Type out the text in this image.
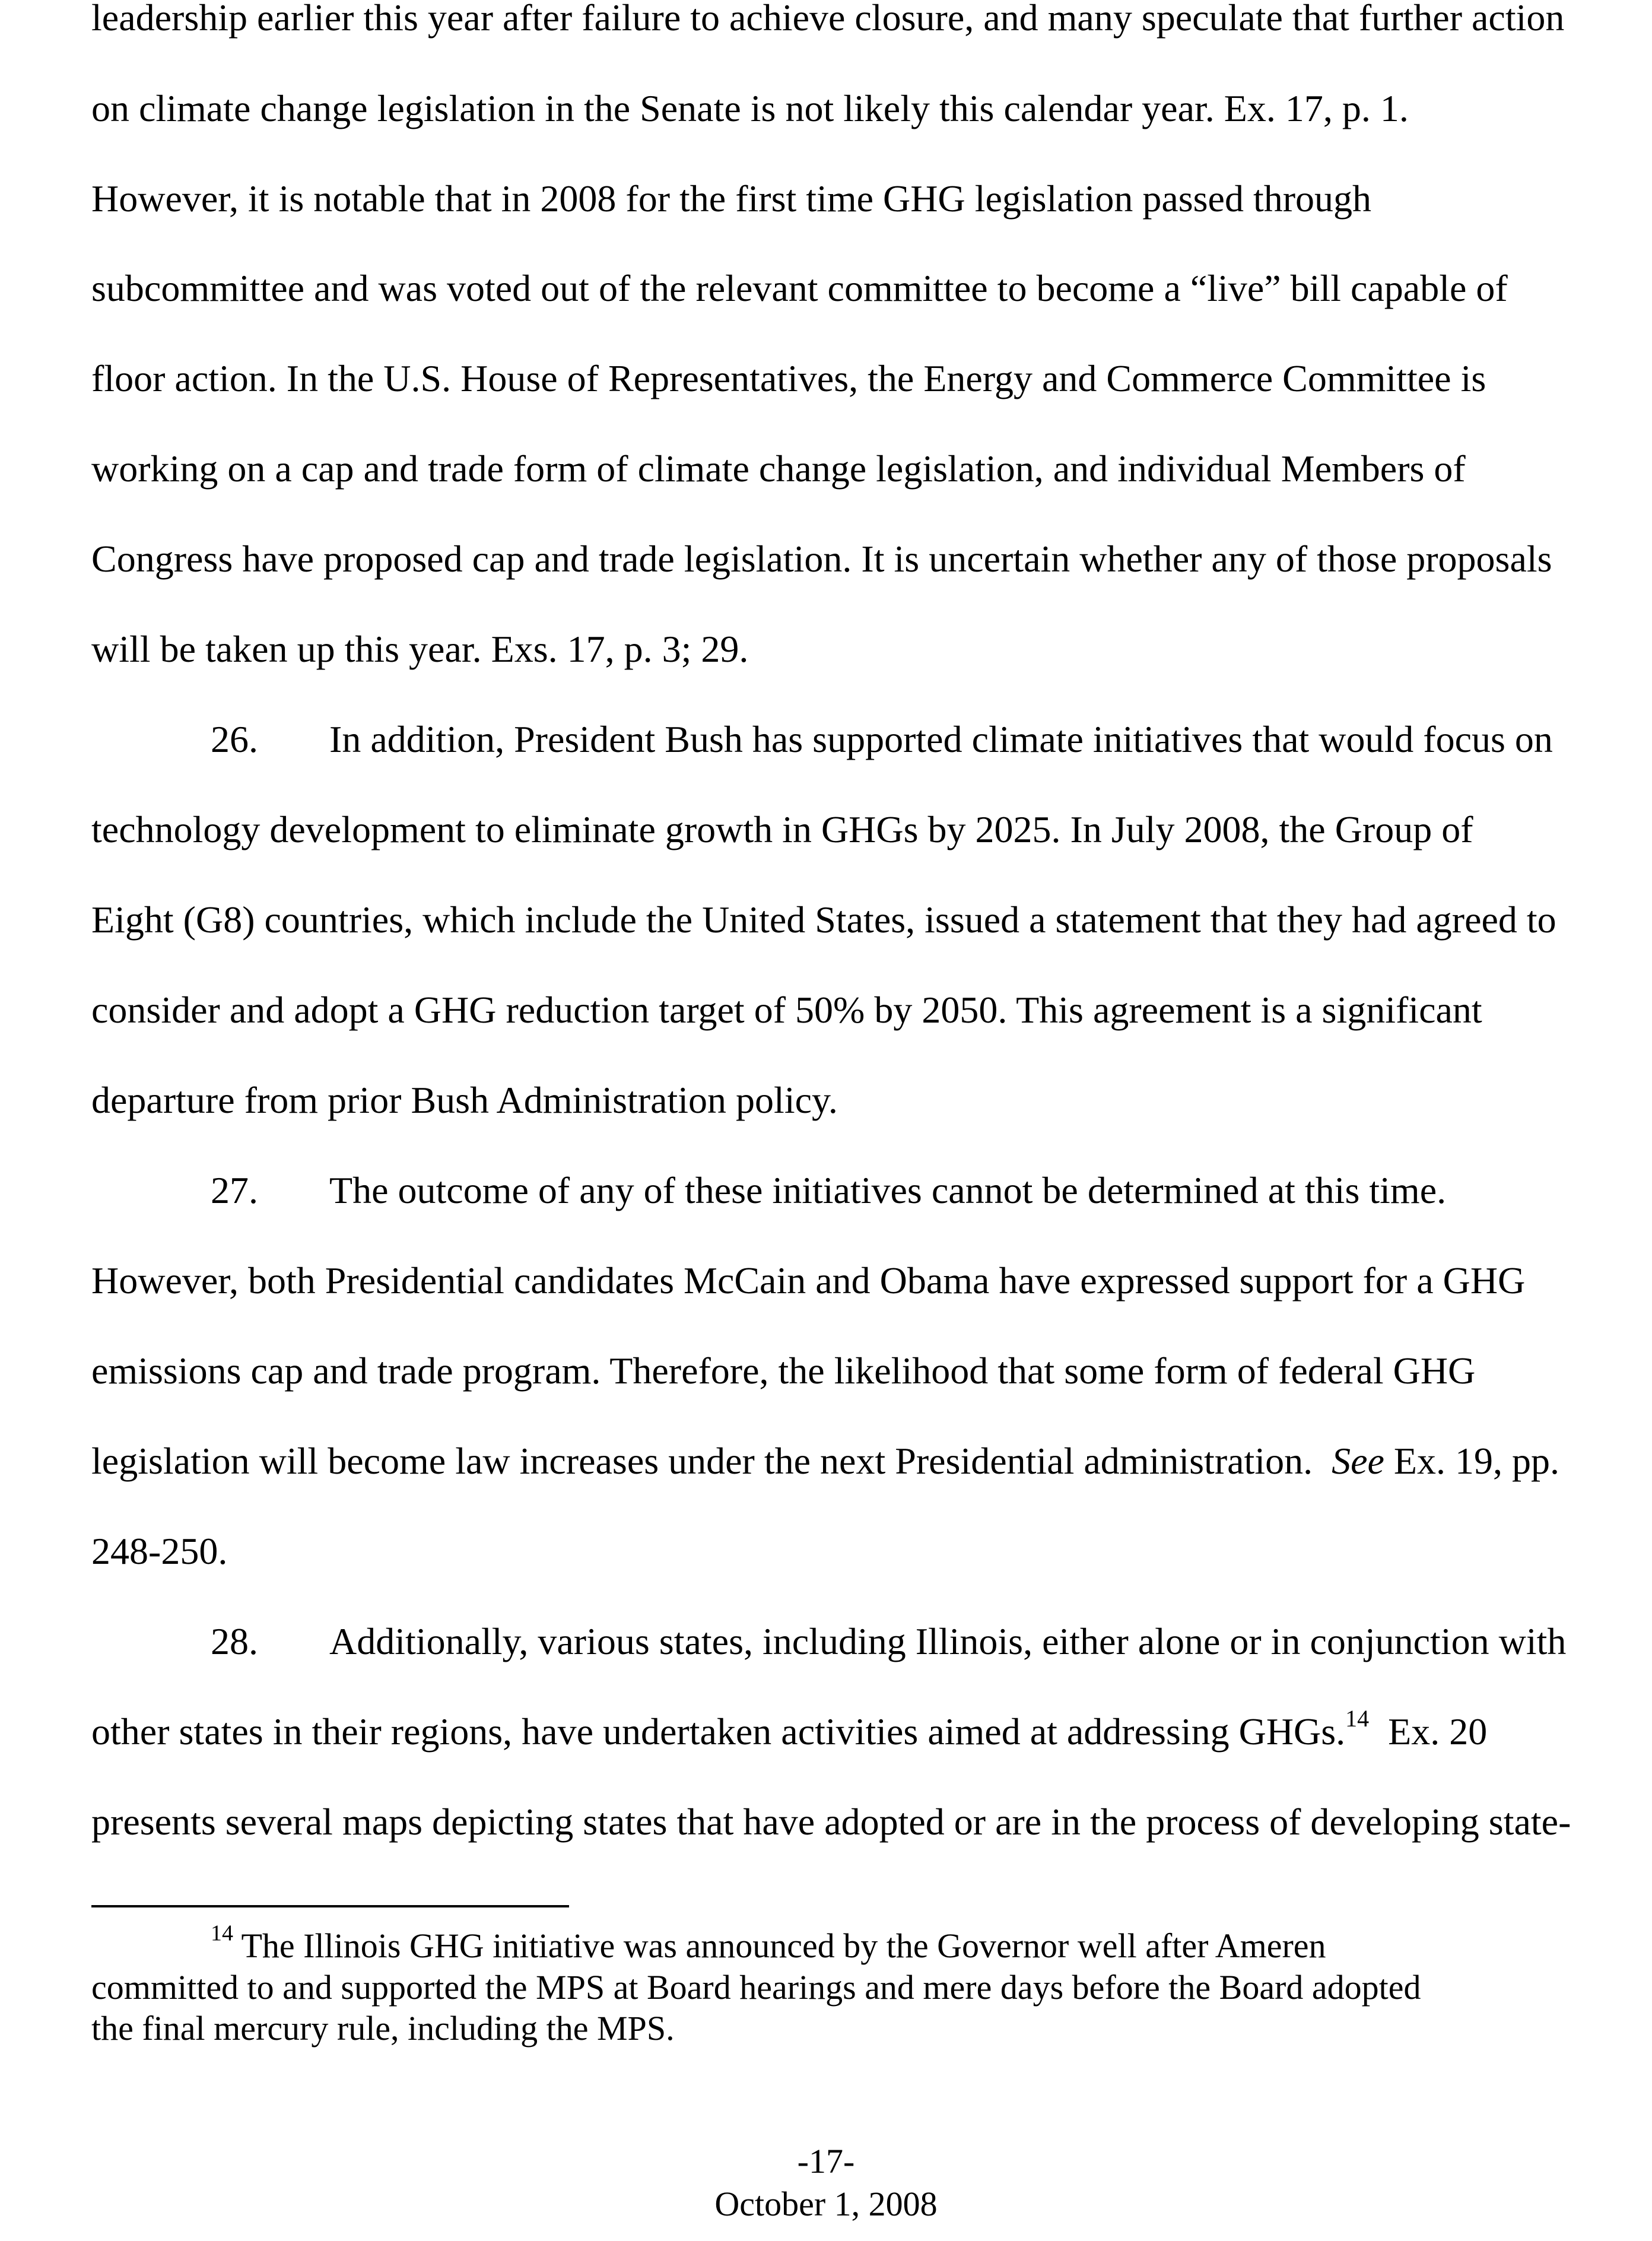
leadership earlier this year after failure to achieve closure, and many speculate that further action
on climate change legislation in the Senate is not likely this calendar year. Ex. 17, p. 1.
However, it is notable that in 2008 for the first time GHG legislation passed through
subcommittee and was voted out of the relevant committee to become a “live” bill capable of
floor action. In the U.S. House of Representatives, the Energy and Commerce Committee is
working on a cap and trade form of climate change legislation, and individual Members of
Congress have proposed cap and trade legislation. It is uncertain whether any of those proposals
will be taken up this year. Exs. 17, p. 3; 29.
26. In addition, President Bush has supported climate initiatives that would focus on
technology development to eliminate growth in GHGs by 2025. In July 2008, the Group of
Eight (G8) countries, which include the United States, issued a statement that they had agreed to
consider and adopt a GHG reduction target of 50% by 2050. This agreement is a significant
departure from prior Bush Administration policy.
27. The outcome of any of these initiatives cannot be determined at this time.
However, both Presidential candidates McCain and Obama have expressed support for a GHG
emissions cap and trade program. Therefore, the likelihood that some form of federal GHG
legislation will become law increases under the next Presidential administration.  See Ex. 19, pp.
248-250.
28. Additionally, various states, including Illinois, either alone or in conjunction with
other states in their regions, have undertaken activities aimed at addressing GHGs.$^{14}$  Ex. 20
presents several maps depicting states that have adopted or are in the process of developing state-
$^{14}$ The Illinois GHG initiative was announced by the Governor well after Ameren
committed to and supported the MPS at Board hearings and mere days before the Board adopted
the final mercury rule, including the MPS.
-17-
October 1, 2008
